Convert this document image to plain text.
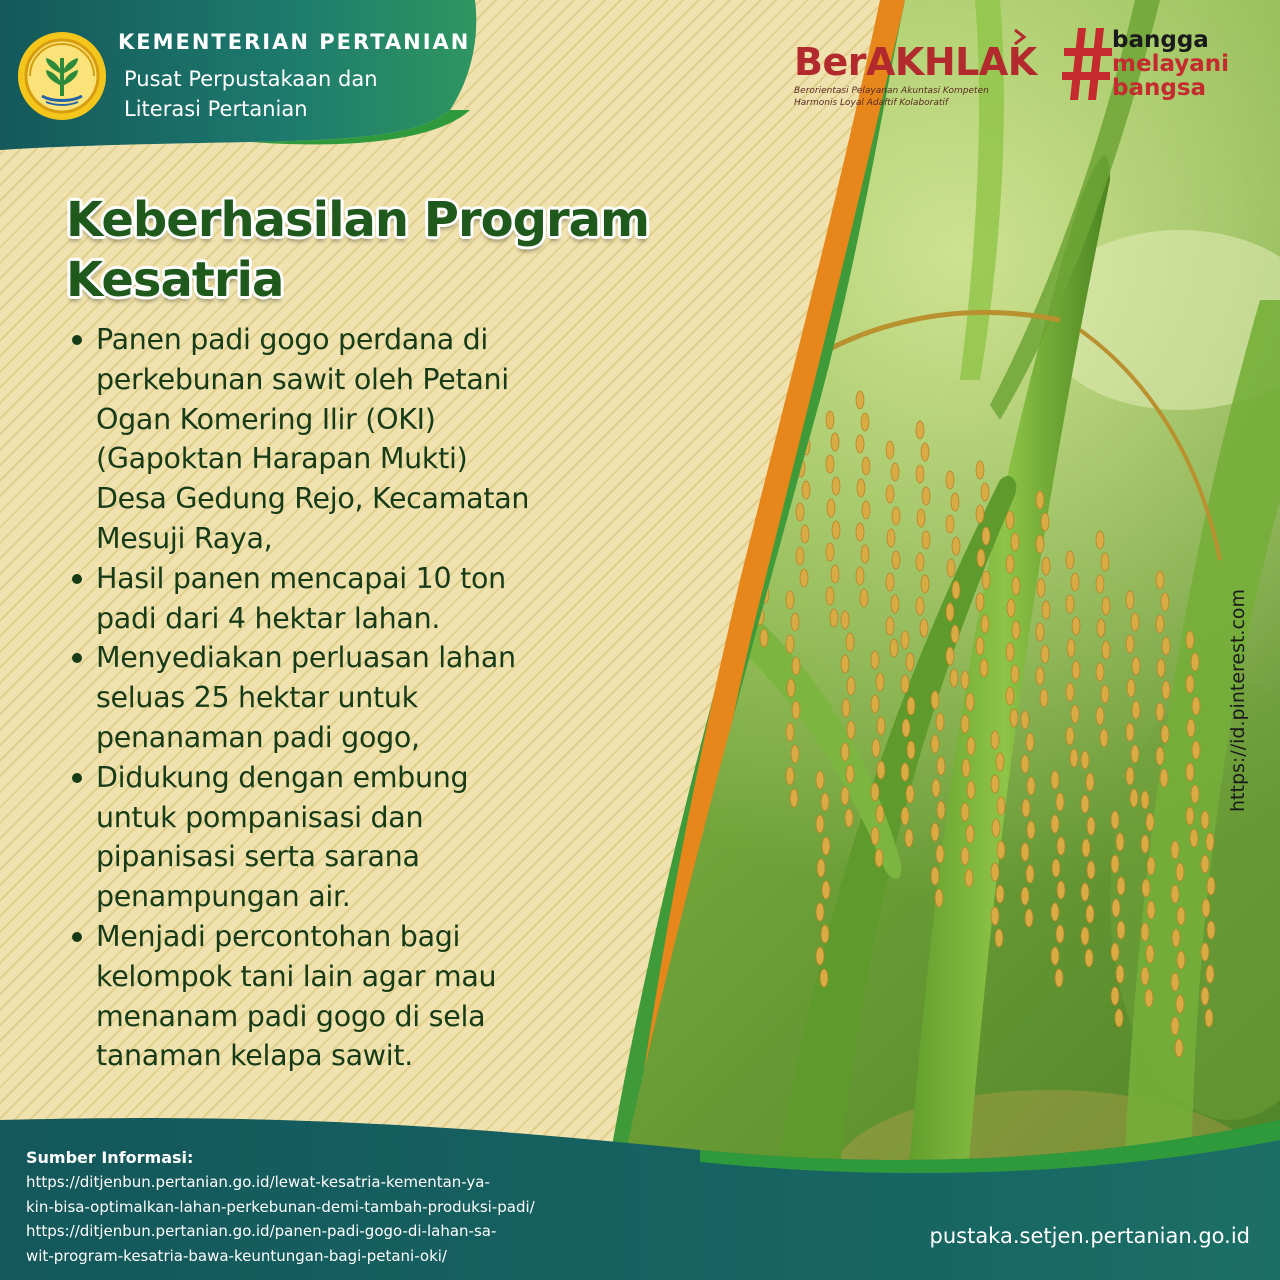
KEMENTERIAN PERTANIAN
Pusat Perpustakaan dan
Literasi Pertanian
BerAKHLAK
Berorientasi Pelayanan Akuntasi Kompeten
Harmonis Loyal Adaftif Kolaboratif
bangga
melayani
bangsa
Keberhasilan Program
Kesatria
Panen padi gogo perdana di
perkebunan sawit oleh Petani
Ogan Komering Ilir (OKI)
(Gapoktan Harapan Mukti)
Desa Gedung Rejo, Kecamatan
Mesuji Raya,
Hasil panen mencapai 10 ton
padi dari 4 hektar lahan.
Menyediakan perluasan lahan
seluas 25 hektar untuk
penanaman padi gogo,
Didukung dengan embung
untuk pompanisasi dan
pipanisasi serta sarana
penampungan air.
Menjadi percontohan bagi
kelompok tani lain agar mau
menanam padi gogo di sela
tanaman kelapa sawit.
https://id.pinterest.com
Sumber Informasi:
https://ditjenbun.pertanian.go.id/lewat-kesatria-kementan-ya-
kin-bisa-optimalkan-lahan-perkebunan-demi-tambah-produksi-padi/
https://ditjenbun.pertanian.go.id/panen-padi-gogo-di-lahan-sa-
wit-program-kesatria-bawa-keuntungan-bagi-petani-oki/
pustaka.setjen.pertanian.go.id
